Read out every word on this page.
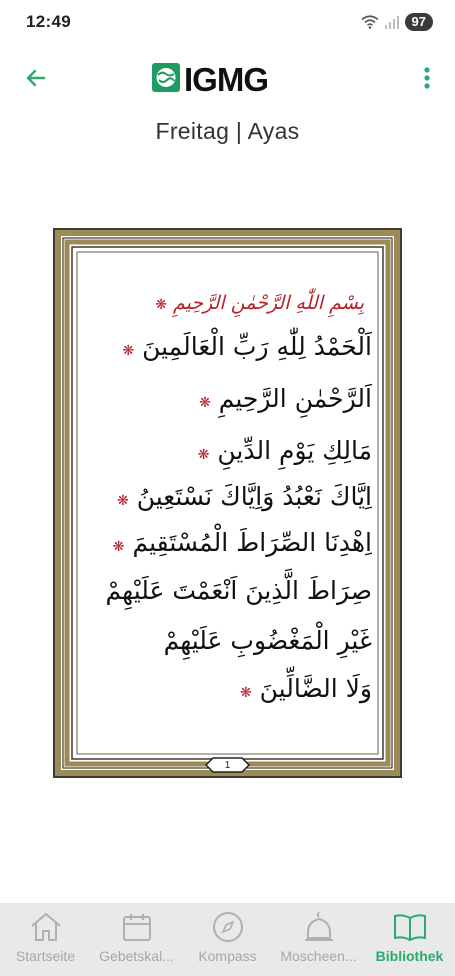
12:49	97
IGMG
Freitag | Ayas
بِسْمِ اللّٰهِ الرَّحْمٰنِ الرَّحِيمِ ❋
اَلْحَمْدُ لِلّٰهِ رَبِّ الْعَالَمِينَ ❋
اَلرَّحْمٰنِ الرَّحِيمِ ❋
مَالِكِ يَوْمِ الدِّينِ ❋
اِيَّاكَ نَعْبُدُ وَاِيَّاكَ نَسْتَعِينُ ❋
اِهْدِنَا الصِّرَاطَ الْمُسْتَقِيمَ ❋
صِرَاطَ الَّذِينَ اَنْعَمْتَ عَلَيْهِمْ
غَيْرِ الْمَغْضُوبِ عَلَيْهِمْ
وَلَا الضَّالِّينَ ❋
1
Startseite Gebetskal... Kompass Moscheen... Bibliothek
